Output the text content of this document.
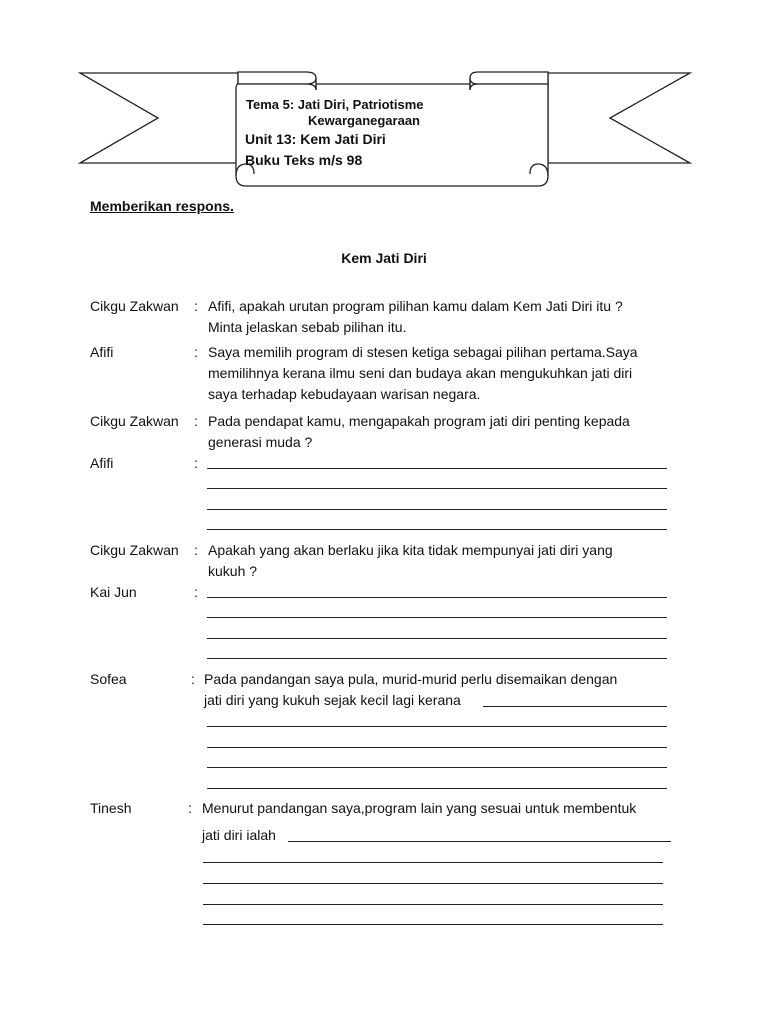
Tema 5: Jati Diri, Patriotisme
Kewarganegaraan
Unit 13: Kem Jati Diri
Buku Teks m/s 98
Memberikan respons.
Kem Jati Diri
Cikgu Zakwan : Afifi, apakah urutan program pilihan kamu dalam Kem Jati Diri itu ?
Minta jelaskan sebab pilihan itu.
Afifi	: Saya memilih program di stesen ketiga sebagai pilihan pertama.Saya
memilihnya kerana ilmu seni dan budaya akan mengukuhkan jati diri
saya terhadap kebudayaan warisan negara.
Cikgu Zakwan : Pada pendapat kamu, mengapakah program jati diri penting kepada
generasi muda ?
Afifi	:
Cikgu Zakwan : Apakah yang akan berlaku jika kita tidak mempunyai jati diri yang
kukuh ?
Kai Jun	:
Sofea	: Pada pandangan saya pula, murid-murid perlu disemaikan dengan
jati diri yang kukuh sejak kecil lagi kerana
Tinesh	: Menurut pandangan saya,program lain yang sesuai untuk membentuk
jati diri ialah
